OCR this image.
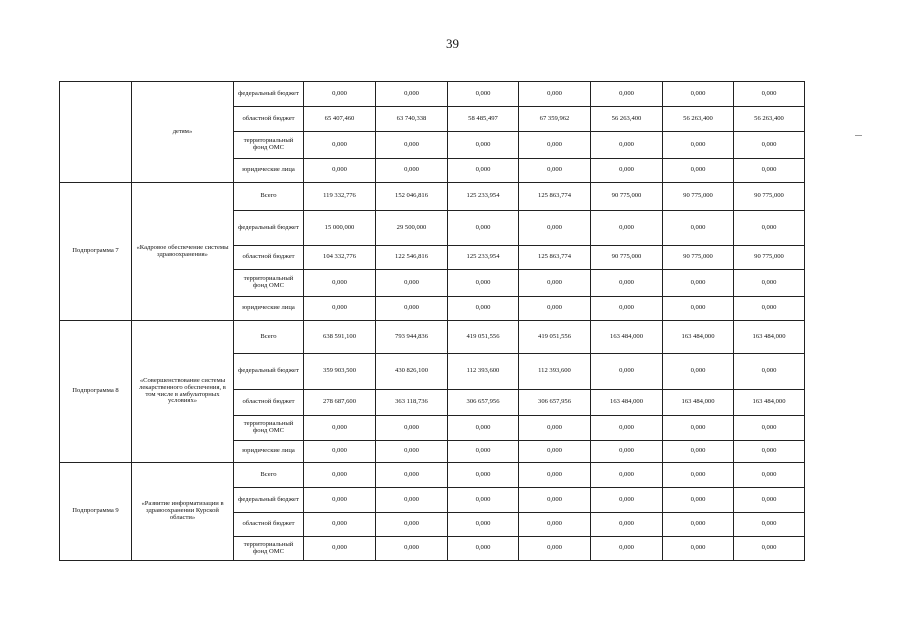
39
	детям»	федеральный бюджет	0,000	0,000	0,000	0,000	0,000	0,000	0,000
		областной бюджет	65 407,460	63 740,338	58 485,497	67 359,962	56 263,400	56 263,400	56 263,400
		территориальный фонд ОМС	0,000	0,000	0,000	0,000	0,000	0,000	0,000
		юридические лица	0,000	0,000	0,000	0,000	0,000	0,000	0,000
Подпрограмма 7	«Кадровое обеспечение системы здравоохранения»	Всего	119 332,776	152 046,816	125 233,954	125 863,774	90 775,000	90 775,000	90 775,000
		федеральный бюджет	15 000,000	29 500,000	0,000	0,000	0,000	0,000	0,000
		областной бюджет	104 332,776	122 546,816	125 233,954	125 863,774	90 775,000	90 775,000	90 775,000
		территориальный фонд ОМС	0,000	0,000	0,000	0,000	0,000	0,000	0,000
		юридические лица	0,000	0,000	0,000	0,000	0,000	0,000	0,000
Подпрограмма 8	«Совершенствование системы лекарственного обеспечения, в том числе в амбулаторных условиях»	Всего	638 591,100	793 944,836	419 051,556	419 051,556	163 484,000	163 484,000	163 484,000
		федеральный бюджет	359 903,500	430 826,100	112 393,600	112 393,600	0,000	0,000	0,000
		областной бюджет	278 687,600	363 118,736	306 657,956	306 657,956	163 484,000	163 484,000	163 484,000
		территориальный фонд ОМС	0,000	0,000	0,000	0,000	0,000	0,000	0,000
		юридические лица	0,000	0,000	0,000	0,000	0,000	0,000	0,000
Подпрограмма 9	«Развитие информатизации в здравоохранении Курской области»	Всего	0,000	0,000	0,000	0,000	0,000	0,000	0,000
		федеральный бюджет	0,000	0,000	0,000	0,000	0,000	0,000	0,000
		областной бюджет	0,000	0,000	0,000	0,000	0,000	0,000	0,000
		территориальный фонд ОМС	0,000	0,000	0,000	0,000	0,000	0,000	0,000
